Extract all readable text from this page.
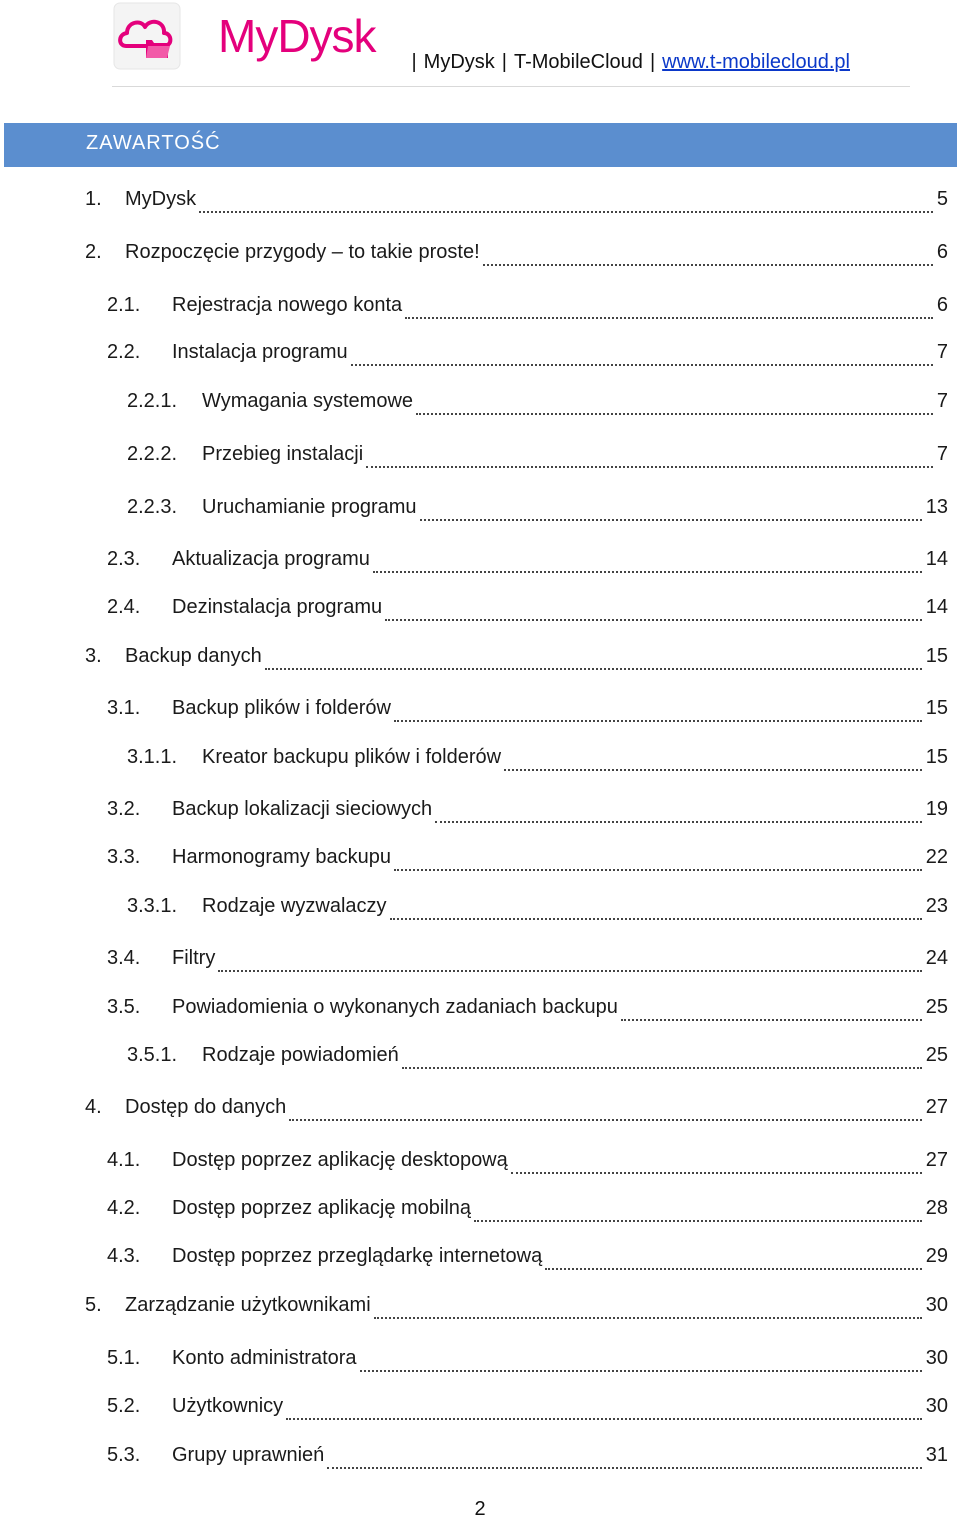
MyDysk	| MyDysk | T-MobileCloud | www.t-mobilecloud.pl
ZAWARTOŚĆ
1.	MyDysk	5
2.	Rozpoczęcie przygody – to takie proste!	6
2.1.	Rejestracja nowego konta	6
2.2.	Instalacja programu	7
2.2.1.	Wymagania systemowe	7
2.2.2.	Przebieg instalacji	7
2.2.3.	Uruchamianie programu	13
2.3.	Aktualizacja programu	14
2.4.	Dezinstalacja programu	14
3.	Backup danych	15
3.1.	Backup plików i folderów	15
3.1.1.	Kreator backupu plików i folderów	15
3.2.	Backup lokalizacji sieciowych	19
3.3.	Harmonogramy backupu	22
3.3.1.	Rodzaje wyzwalaczy	23
3.4.	Filtry	24
3.5.	Powiadomienia o wykonanych zadaniach backupu	25
3.5.1.	Rodzaje powiadomień	25
4.	Dostęp do danych	27
4.1.	Dostęp poprzez aplikację desktopową	27
4.2.	Dostęp poprzez aplikację mobilną	28
4.3.	Dostęp poprzez przeglądarkę internetową	29
5.	Zarządzanie użytkownikami	30
5.1.	Konto administratora	30
5.2.	Użytkownicy	30
5.3.	Grupy uprawnień	31
2
